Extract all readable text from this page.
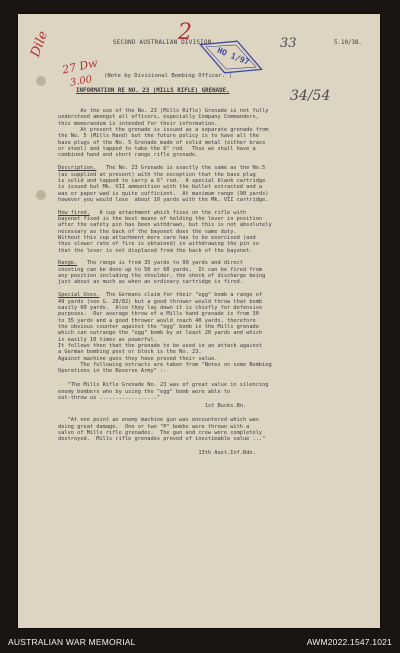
2
Dile
27 Dw
3.00
33
HO 1/97
34/54
SECOND AUSTRALIAN DIVISION.	5.10/38.
(Note by Divisional Bombing Officer. )
INFORMATION RE NO. 23 (MILLS RIFLE) GRENADE.
As the use of the No. 23 (Mills Rifle) Grenade is not fully
understood amongst all officers, especially Company Commanders,
this memorandum is intended for their information.
At present the grenade is issued as a separate grenade from
the No. 5 (Mills Hand) but the future policy is to have all the
base plugs of the No. 5 Grenade made of solid metal (either brass
or steel) and tapped to take the 6" rod.  Thus we shall have a
combined hand and short range rifle grenade.
Description.   The No. 23 Grenade is exactly the same as the No.5
(as supplied at present) with the exception that the base plug
is solid and tapped to carry a 6" rod.  A special blank cartridge
is issued but Mk. VII ammunition with the bullet extracted and a
wax or paper wad is quite sufficient.  At maximum range (90 yards)
however you would lose  about 10 yards with the Mk. VII cartridge.
How fired.   A cup attachment which fixes on the rifle with
bayonet fixed is the best means of holding the lever in position
after the safety pin has been withdrawn, but this is not absolutely
necessary as the back of the bayonet does the same duty.
Without this cup attachment more care has to be exercised (and
thus slower rate of fire is obtained) in withdrawing the pin so
that the lever is not displaced from the back of the bayonet.
Range.   The range is from 35 yards to 90 yards and direct
shooting can be done up to 50 or 60 yards.  It can be fired from
any position including the shoulder, the shock of discharge being
just about as much as when an ordinary cartridge is fired.
Special Uses.  The Germans claim for their "egg" bomb a range of
49 yards (see G. 28/82) but a good thrower would throw that bomb
easily 60 yards.  Also they lay down it is chiefly for defensive
purposes.  Our average throw of a Mills hand grenade is from 30
to 35 yards and a good thrower would reach 40 yards, therefore
the obvious counter against the "egg" bomb is the Mills grenade
which can outrange the "egg" bomb by at least 20 yards and which
is easily 10 times as powerful.
It follows then that the grenade to be used in an attack against
a German bombing post or block is the No. 23.
Against machine guns they have proved their value.
The following extracts are taken from "Notes on some Bombing
Operations in the Reserve Army" :-
"The Mills Rifle Grenade No. 23 was of great value in silencing
enemy bombers who by using the "egg" bomb were able to
out-throw us .................."
1st Bucks.Bn.
"At one point an enemy machine gun was encountered which was
doing great damage.  One or two "P" bombs were thrown with a
salvo of Mills rifle grenades.  The gun and crew were completely
destroyed.  Mills rifle grenades proved of inestimable value ..."
13th Aust.Inf.Bde.
AUSTRALIAN WAR MEMORIAL	AWM2022.1547.1021
